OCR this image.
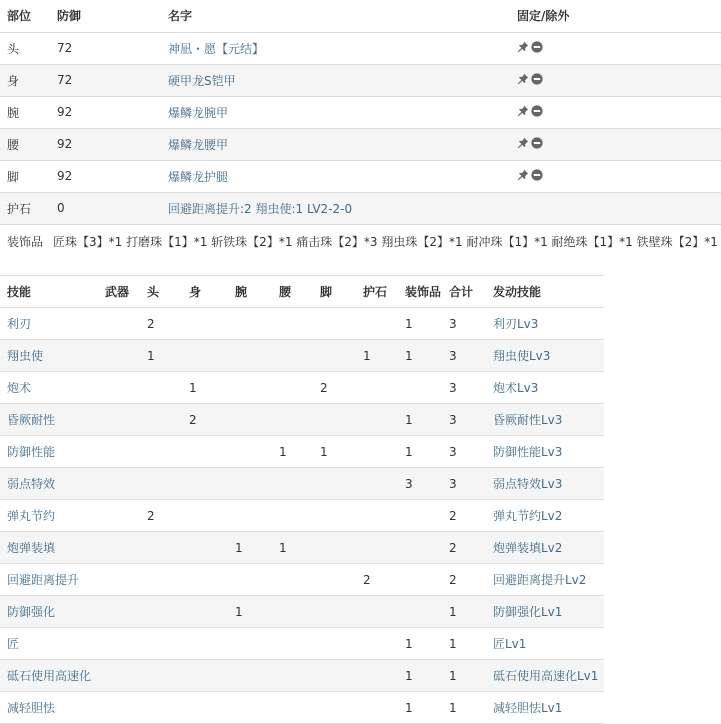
部位	防御	名字	固定/除外
头	72	神凪・愿【元结】	
身	72	硬甲龙S铠甲	
腕	92	爆鳞龙腕甲	
腰	92	爆鳞龙腰甲	
脚	92	爆鳞龙护腿	
护石	0	回避距离提升:2 翔虫使:1 LV2-2-0	
装饰品 匠珠【3】*1 打磨珠【1】*1 斩铁珠【2】*1 痛击珠【2】*3 翔虫珠【2】*1 耐冲珠【1】*1 耐绝珠【1】*1 铁壁珠【2】*1
技能	武器	头	身	腕	腰	脚	护石	装饰品	合计	发动技能
利刃		2						1	3	利刃Lv3
翔虫使		1					1	1	3	翔虫使Lv3
炮术			1			2			3	炮术Lv3
昏厥耐性			2					1	3	昏厥耐性Lv3
防御性能					1	1		1	3	防御性能Lv3
弱点特效								3	3	弱点特效Lv3
弹丸节约		2							2	弹丸节约Lv2
炮弹装填				1	1				2	炮弹装填Lv2
回避距离提升							2		2	回避距离提升Lv2
防御强化				1					1	防御强化Lv1
匠								1	1	匠Lv1
砥石使用高速化								1	1	砥石使用高速化Lv1
减轻胆怯								1	1	减轻胆怯Lv1
